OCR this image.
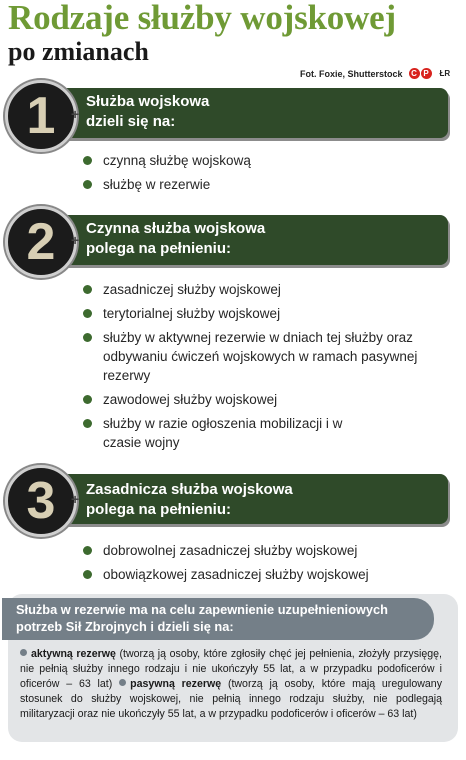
Rodzaje służby wojskowej
po zmianach
Fot. Foxie, Shutterstock	C P	ŁR
Służba wojskowa
dzieli się na:
1	+
czynną służbę wojskową
służbę w rezerwie
Czynna służba wojskowa
polega na pełnieniu:
2	+
zasadniczej służby wojskowej
terytorialnej służby wojskowej
służby w aktywnej rezerwie w dniach tej służby oraz odbywaniu ćwiczeń wojskowych w ramach pasywnej rezerwy
zawodowej służby wojskowej
służby w razie ogłoszenia mobilizacji i w czasie wojny
Zasadnicza służba wojskowa
polega na pełnieniu:
3	+
dobrowolnej zasadniczej służby wojskowej
obowiązkowej zasadniczej służby wojskowej
Służba w rezerwie ma na celu zapewnienie uzupełnieniowych potrzeb Sił Zbrojnych i dzieli się na:
aktywną rezerwę (tworzą ją osoby, które zgłosiły chęć jej pełnienia, złożyły przysięgę, nie pełnią służby innego rodzaju i nie ukończyły 55 lat, a w przypadku podoficerów i oficerów – 63 lat) pasywną rezerwę (tworzą ją osoby, które mają uregulowany stosunek do służby wojskowej, nie pełnią innego rodzaju służby, nie podlegają militaryzacji oraz nie ukończyły 55 lat, a w przypadku podoficerów i oficerów – 63 lat)
